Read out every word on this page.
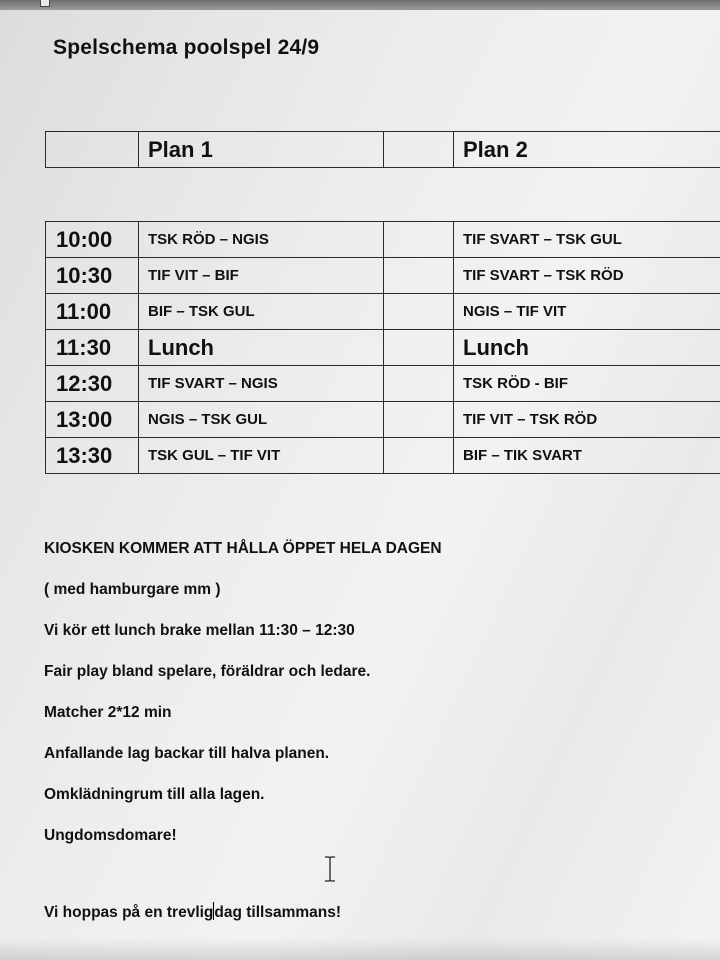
Spelschema poolspel 24/9
	Plan 1		Plan 2
10:00	TSK RÖD – NGIS		TIF SVART – TSK GUL
10:30	TIF VIT – BIF		TIF SVART – TSK RÖD
11:00	BIF – TSK GUL		NGIS – TIF VIT
11:30	Lunch		Lunch
12:30	TIF SVART – NGIS		TSK RÖD - BIF
13:00	NGIS – TSK GUL		TIF VIT – TSK RÖD
13:30	TSK GUL – TIF VIT		BIF – TIK SVART
KIOSKEN KOMMER ATT HÅLLA ÖPPET HELA DAGEN
( med hamburgare mm )
Vi kör ett lunch brake mellan 11:30 – 12:30
Fair play bland spelare, föräldrar och ledare.
Matcher 2*12 min
Anfallande lag backar till halva planen.
Omklädningrum till alla lagen.
Ungdomsdomare!
Vi hoppas på en trevligdag tillsammans!
